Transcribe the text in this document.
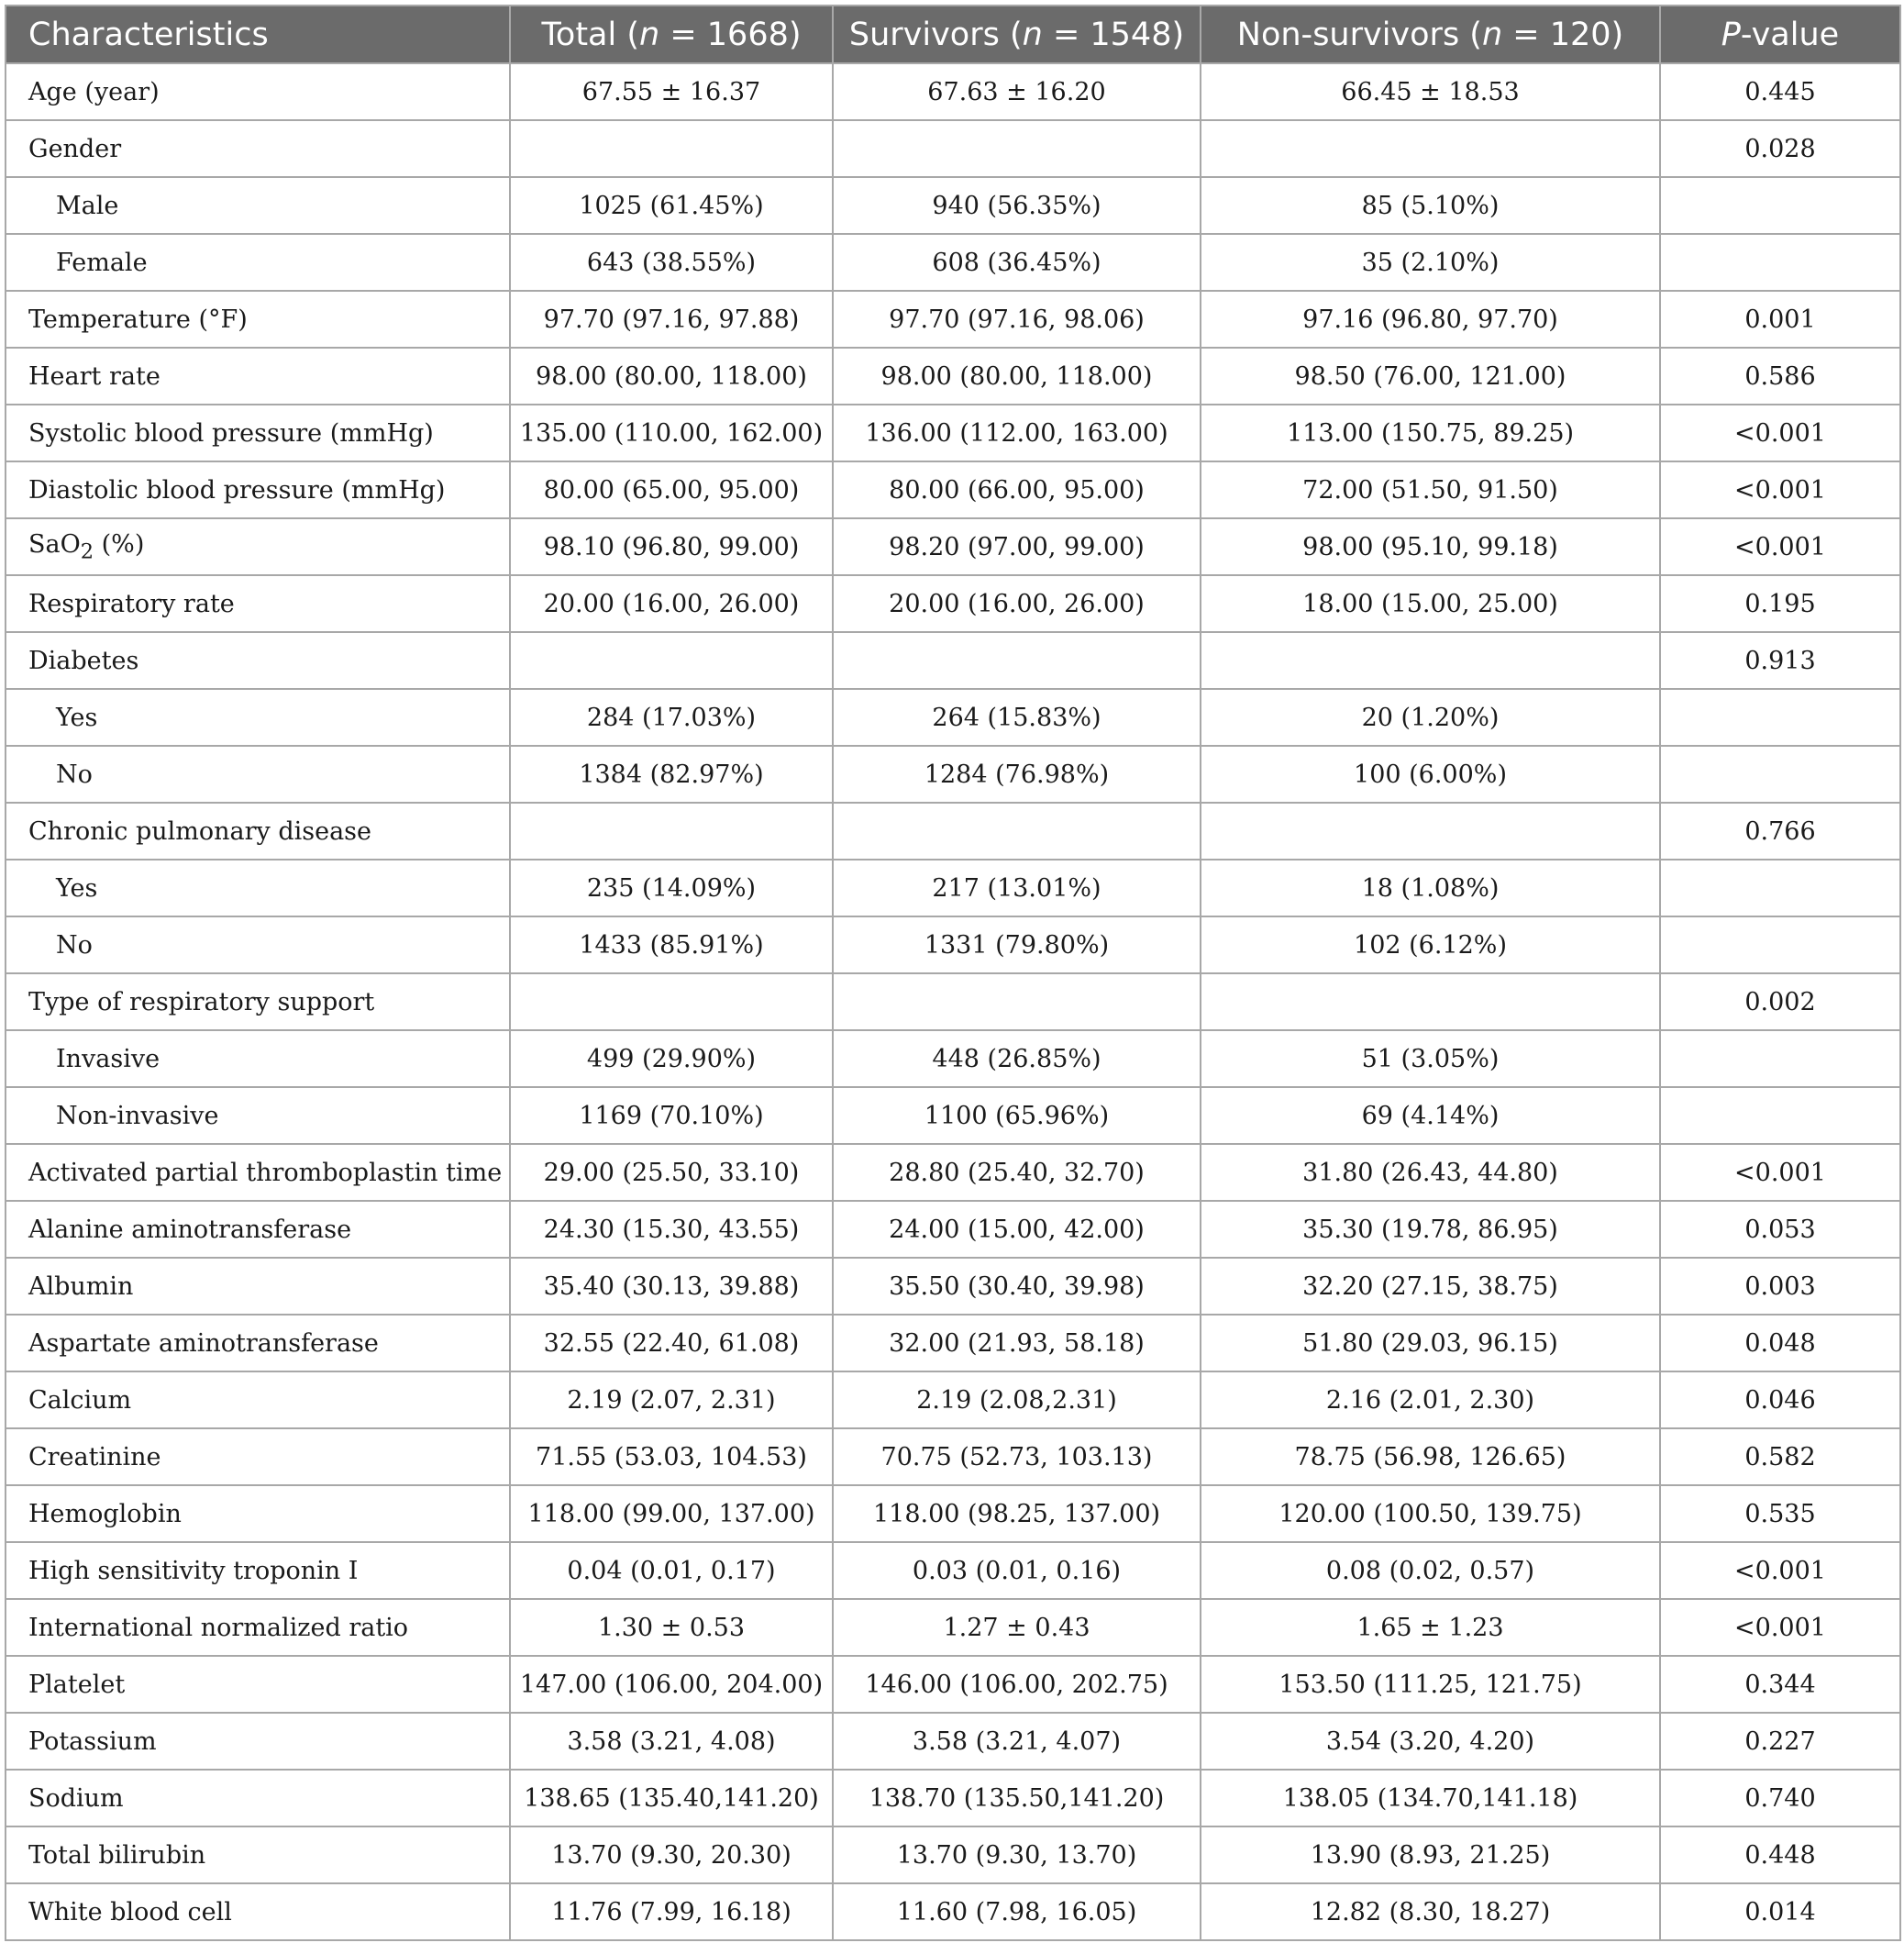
Characteristics	Total (n = 1668)	Survivors (n = 1548)	Non-survivors (n = 120)	P-value
Age (year)	67.55 ± 16.37	67.63 ± 16.20	66.45 ± 18.53	0.445
Gender				0.028
Male	1025 (61.45%)	940 (56.35%)	85 (5.10%)	
Female	643 (38.55%)	608 (36.45%)	35 (2.10%)	
Temperature (°F)	97.70 (97.16, 97.88)	97.70 (97.16, 98.06)	97.16 (96.80, 97.70)	0.001
Heart rate	98.00 (80.00, 118.00)	98.00 (80.00, 118.00)	98.50 (76.00, 121.00)	0.586
Systolic blood pressure (mmHg)	135.00 (110.00, 162.00)	136.00 (112.00, 163.00)	113.00 (150.75, 89.25)	<0.001
Diastolic blood pressure (mmHg)	80.00 (65.00, 95.00)	80.00 (66.00, 95.00)	72.00 (51.50, 91.50)	<0.001
SaO$_2$ (%)	98.10 (96.80, 99.00)	98.20 (97.00, 99.00)	98.00 (95.10, 99.18)	<0.001
Respiratory rate	20.00 (16.00, 26.00)	20.00 (16.00, 26.00)	18.00 (15.00, 25.00)	0.195
Diabetes				0.913
Yes	284 (17.03%)	264 (15.83%)	20 (1.20%)	
No	1384 (82.97%)	1284 (76.98%)	100 (6.00%)	
Chronic pulmonary disease				0.766
Yes	235 (14.09%)	217 (13.01%)	18 (1.08%)	
No	1433 (85.91%)	1331 (79.80%)	102 (6.12%)	
Type of respiratory support				0.002
Invasive	499 (29.90%)	448 (26.85%)	51 (3.05%)	
Non-invasive	1169 (70.10%)	1100 (65.96%)	69 (4.14%)	
Activated partial thromboplastin time	29.00 (25.50, 33.10)	28.80 (25.40, 32.70)	31.80 (26.43, 44.80)	<0.001
Alanine aminotransferase	24.30 (15.30, 43.55)	24.00 (15.00, 42.00)	35.30 (19.78, 86.95)	0.053
Albumin	35.40 (30.13, 39.88)	35.50 (30.40, 39.98)	32.20 (27.15, 38.75)	0.003
Aspartate aminotransferase	32.55 (22.40, 61.08)	32.00 (21.93, 58.18)	51.80 (29.03, 96.15)	0.048
Calcium	2.19 (2.07, 2.31)	2.19 (2.08,2.31)	2.16 (2.01, 2.30)	0.046
Creatinine	71.55 (53.03, 104.53)	70.75 (52.73, 103.13)	78.75 (56.98, 126.65)	0.582
Hemoglobin	118.00 (99.00, 137.00)	118.00 (98.25, 137.00)	120.00 (100.50, 139.75)	0.535
High sensitivity troponin I	0.04 (0.01, 0.17)	0.03 (0.01, 0.16)	0.08 (0.02, 0.57)	<0.001
International normalized ratio	1.30 ± 0.53	1.27 ± 0.43	1.65 ± 1.23	<0.001
Platelet	147.00 (106.00, 204.00)	146.00 (106.00, 202.75)	153.50 (111.25, 121.75)	0.344
Potassium	3.58 (3.21, 4.08)	3.58 (3.21, 4.07)	3.54 (3.20, 4.20)	0.227
Sodium	138.65 (135.40,141.20)	138.70 (135.50,141.20)	138.05 (134.70,141.18)	0.740
Total bilirubin	13.70 (9.30, 20.30)	13.70 (9.30, 13.70)	13.90 (8.93, 21.25)	0.448
White blood cell	11.76 (7.99, 16.18)	11.60 (7.98, 16.05)	12.82 (8.30, 18.27)	0.014
